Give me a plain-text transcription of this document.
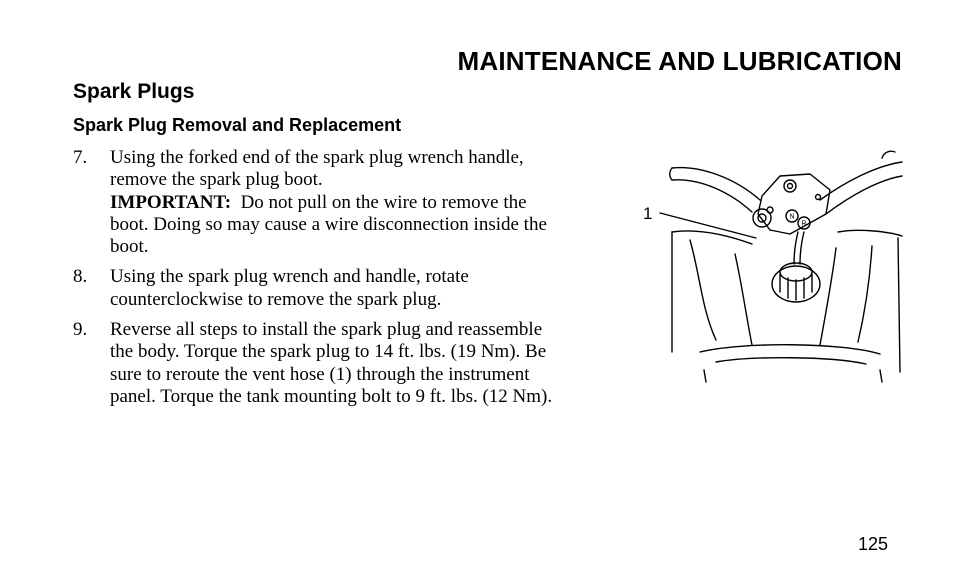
MAINTENANCE AND LUBRICATION
Spark Plugs
Spark Plug Removal and Replacement
7.	Using the forked end of the spark plug wrench handle, remove the spark plug boot.
IMPORTANT: Do not pull on the wire to remove the boot. Doing so may cause a wire disconnection inside the boot.
8.	Using the spark plug wrench and handle, rotate counterclockwise to remove the spark plug.
9.	Reverse all steps to install the spark plug and reassemble the body. Torque the spark plug to 14 ft. lbs. (19 Nm). Be sure to reroute the vent hose (1) through the instrument panel. Torque the tank mounting bolt to 9 ft. lbs. (12 Nm).
1	N
R
125
